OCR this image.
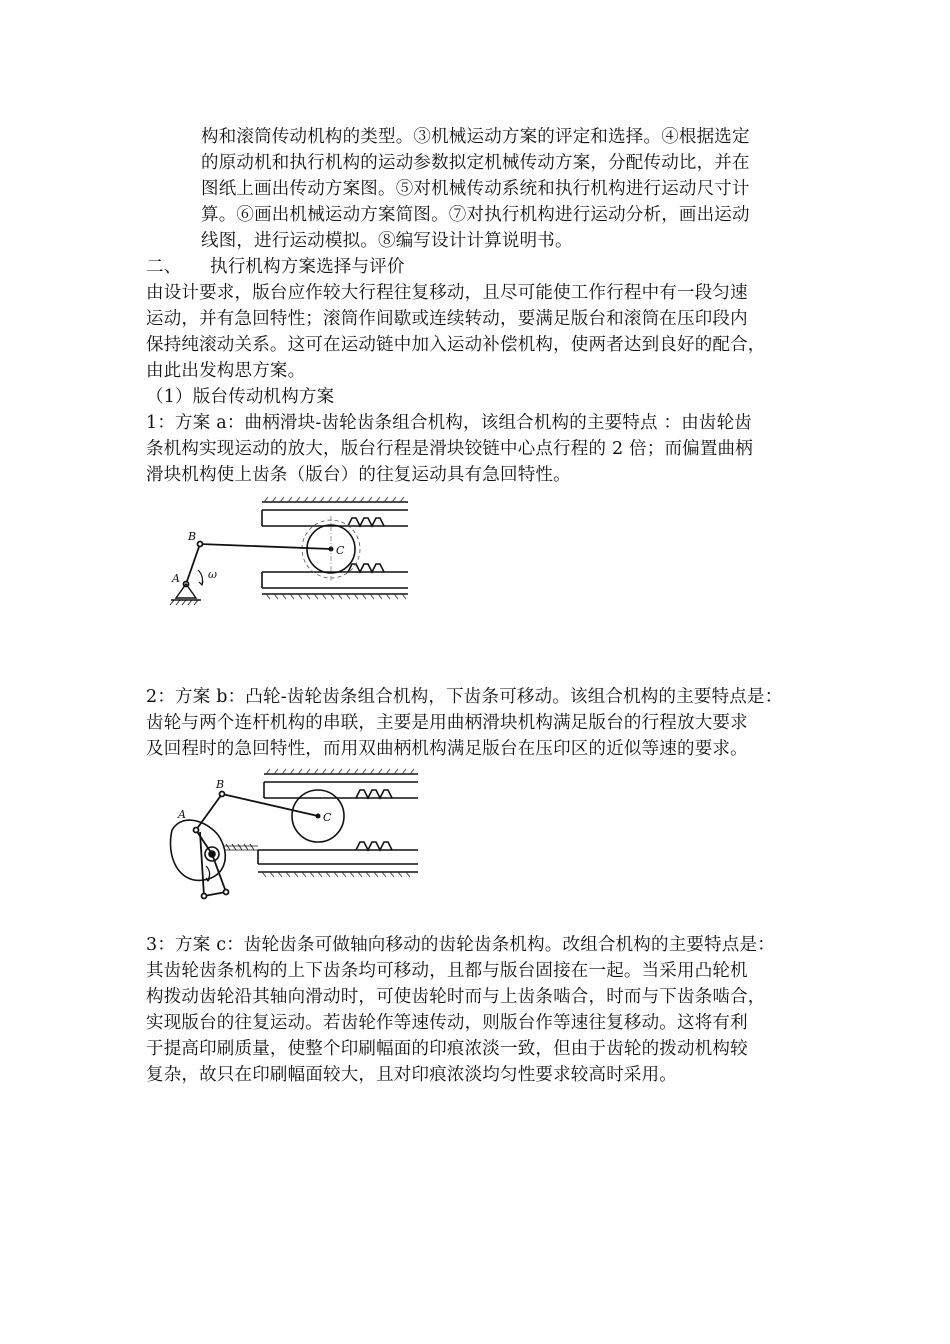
构和滚筒传动机构的类型。③机械运动方案的评定和选择。④根据选定
的原动机和执行机构的运动参数拟定机械传动方案，分配传动比，并在
图纸上画出传动方案图。⑤对机械传动系统和执行机构进行运动尺寸计
算。⑥画出机械运动方案简图。⑦对执行机构进行运动分析，画出运动
线图，进行运动模拟。⑧编写设计计算说明书。
二、 执行机构方案选择与评价
由设计要求，版台应作较大行程往复移动，且尽可能使工作行程中有一段匀速
运动，并有急回特性；滚筒作间歇或连续转动，要满足版台和滚筒在压印段内
保持纯滚动关系。这可在运动链中加入运动补偿机构，使两者达到良好的配合，
由此出发构思方案。
（1）版台传动机构方案
1：方案 a：曲柄滑块-齿轮齿条组合机构，该组合机构的主要特点 ：由齿轮齿
条机构实现运动的放大，版台行程是滑块铰链中心点行程的 2 倍；而偏置曲柄
滑块机构使上齿条（版台）的往复运动具有急回特性。
B
A	ω
C
2：方案 b：凸轮-齿轮齿条组合机构，下齿条可移动。该组合机构的主要特点是：
齿轮与两个连杆机构的串联，主要是用曲柄滑块机构满足版台的行程放大要求
及回程时的急回特性，而用双曲柄机构满足版台在压印区的近似等速的要求。
B
A	C
3：方案 c：齿轮齿条可做轴向移动的齿轮齿条机构。改组合机构的主要特点是：
其齿轮齿条机构的上下齿条均可移动，且都与版台固接在一起。当采用凸轮机
构拨动齿轮沿其轴向滑动时，可使齿轮时而与上齿条啮合，时而与下齿条啮合，
实现版台的往复运动。若齿轮作等速传动，则版台作等速往复移动。这将有利
于提高印刷质量，使整个印刷幅面的印痕浓淡一致，但由于齿轮的拨动机构较
复杂，故只在印刷幅面较大，且对印痕浓淡均匀性要求较高时采用。
